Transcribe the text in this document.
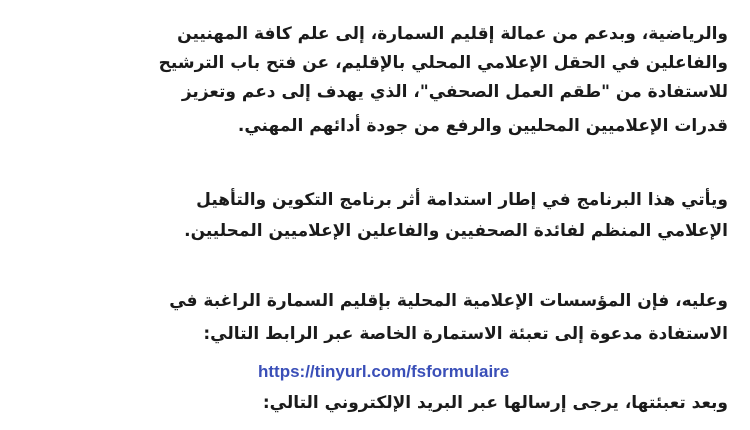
والرياضية، وبدعم من عمالة إقليم السمارة، إلى علم كافة المهنيين
والفاعلين في الحقل الإعلامي المحلي بالإقليم، عن فتح باب الترشيح
للاستفادة من "طقم العمل الصحفي"، الذي يهدف إلى دعم وتعزيز
قدرات الإعلاميين المحليين والرفع من جودة أدائهم المهني.
ويأتي هذا البرنامج في إطار استدامة أثر برنامج التكوين والتأهيل
الإعلامي المنظم لفائدة الصحفيين والفاعلين الإعلاميين المحليين.
وعليه، فإن المؤسسات الإعلامية المحلية بإقليم السمارة الراغبة في
الاستفادة مدعوة إلى تعبئة الاستمارة الخاصة عبر الرابط التالي:
https://tinyurl.com/fsformulaire
وبعد تعبئتها، يرجى إرسالها عبر البريد الإلكتروني التالي:
